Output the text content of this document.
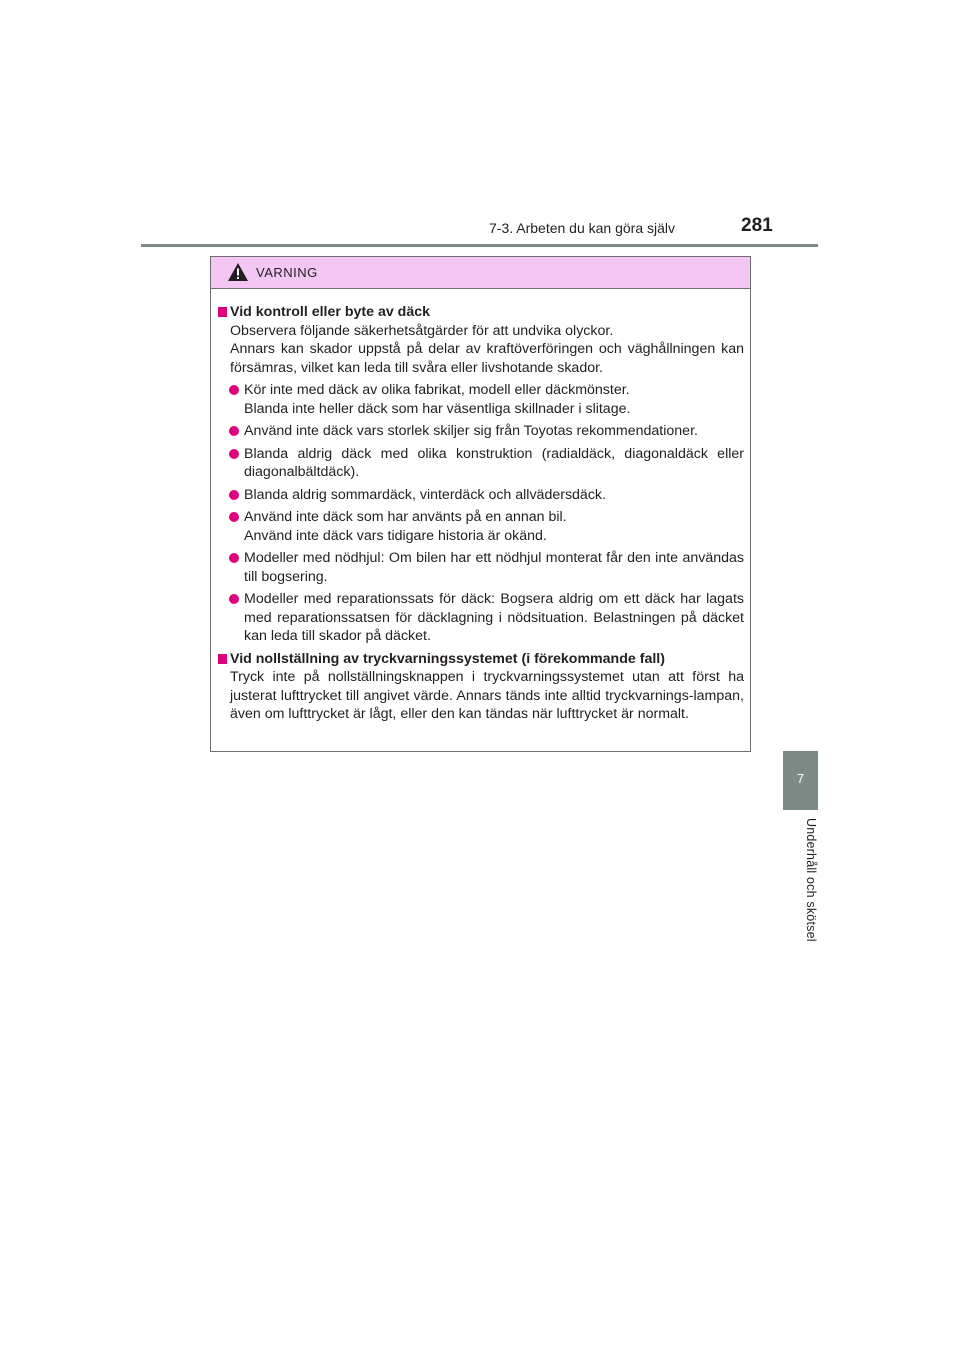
7-3. Arbeten du kan göra själv	281
7
Underhåll och skötsel
VARNING
Vid kontroll eller byte av däck
Observera följande säkerhetsåtgärder för att undvika olyckor.
Annars kan skador uppstå på delar av kraftöverföringen och väghållningen kan försämras, vilket kan leda till svåra eller livshotande skador.
Kör inte med däck av olika fabrikat, modell eller däckmönster.
Blanda inte heller däck som har väsentliga skillnader i slitage.
Använd inte däck vars storlek skiljer sig från Toyotas rekommendationer.
Blanda aldrig däck med olika konstruktion (radialdäck, diagonaldäck eller diagonalbältdäck).
Blanda aldrig sommardäck, vinterdäck och allvädersdäck.
Använd inte däck som har använts på en annan bil.
Använd inte däck vars tidigare historia är okänd.
Modeller med nödhjul: Om bilen har ett nödhjul monterat får den inte användas till bogsering.
Modeller med reparationssats för däck: Bogsera aldrig om ett däck har lagats med reparationssatsen för däcklagning i nödsituation. Belastningen på däcket kan leda till skador på däcket.
Vid nollställning av tryckvarningssystemet (i förekommande fall)
Tryck inte på nollställningsknappen i tryckvarningssystemet utan att först ha justerat lufttrycket till angivet värde. Annars tänds inte alltid tryckvarnings-lampan, även om lufttrycket är lågt, eller den kan tändas när lufttrycket är normalt.
